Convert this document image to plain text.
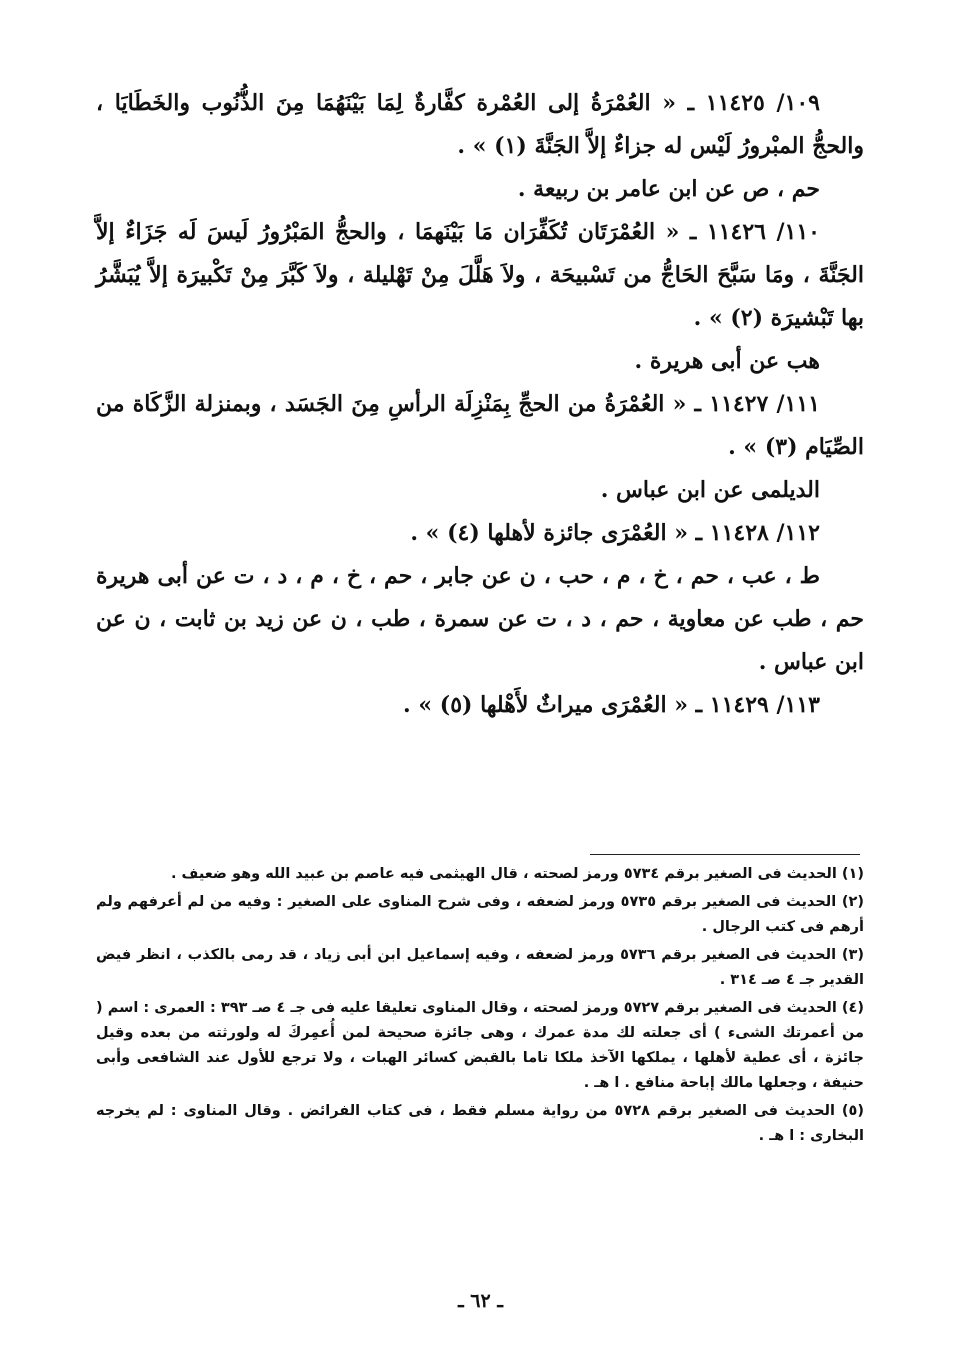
١٠٩/ ١١٤٢٥ ـ « العُمْرَةُ إلى العُمْرة كفَّارةٌ لِمَا بَيْنَهُمَا مِنَ الذُّنُوب والخَطَايَا ، والحجُّ المبْرورُ لَيْس له جزاءٌ إلاَّ الجَنَّةَ (١) » .

حم ، ص عن ابن عامر بن ربيعة .

١١٠/ ١١٤٢٦ ـ « العُمْرَتَان تُكَفِّرَان مَا بَيْنَهمَا ، والحجُّ المَبْرُورُ لَيسَ لَه جَزَاءٌ إلاَّ الجَنَّةَ ، ومَا سَبَّحَ الحَاجُّ من تَسْبيحَة ، ولاَ هَلَّلَ مِنْ تَهْليلة ، ولاَ كَبَّرَ مِنْ تَكْبيرَة إلاَّ يُبَشَّرُ بها تَبْشيرَة (٢) » .

هب عن أبى هريرة .

١١١/ ١١٤٢٧ ـ « العُمْرَةُ من الحجِّ بِمَنْزِلَة الرأسِ مِنَ الجَسَد ، وبمنزلة الزَّكَاة من الصِّيَام (٣) » .

الديلمى عن ابن عباس .

١١٢/ ١١٤٢٨ ـ « العُمْرَى جائزة لأهلها (٤) » .

ط ، عب ، حم ، خ ، م ، حب ، ن عن جابر ، حم ، خ ، م ، د ، ت عن أبى هريرة حم ، طب عن معاوية ، حم ، د ، ت عن سمرة ، طب ، ن عن زيد بن ثابت ، ن عن ابن عباس .

١١٣/ ١١٤٢٩ ـ « العُمْرَى ميراثٌ لأَهْلها (٥) » .

(١) الحديث فى الصغير برقم ٥٧٣٤ ورمز لصحته ، قال الهيثمى فيه عاصم بن عبيد الله وهو ضعيف .

(٢) الحديث فى الصغير برقم ٥٧٣٥ ورمز لضعفه ، وفى شرح المناوى على الصغير : وفيه من لم أعرفهم ولم أرهم فى كتب الرجال .

(٣) الحديث فى الصغير برقم ٥٧٣٦ ورمز لضعفه ، وفيه إسماعيل ابن أبى زياد ، قد رمى بالكذب ، انظر فيض القدير جـ ٤ صـ ٣١٤ .

(٤) الحديث فى الصغير برقم ٥٧٢٧ ورمز لصحته ، وقال المناوى تعليقا عليه فى جـ ٤ صـ ٣٩٣ : العمرى : اسم ( من أعمرتك الشىء ) أى جعلته لك مدة عمرك ، وهى جائزة صحيحة لمن أُعمِركَ له ولورثته من بعده وقيل جائزة ، أى عطية لأهلها ، يملكها الآخذ ملكا تاما بالقبض كسائر الهبات ، ولا ترجع للأول عند الشافعى وأبى حنيفة ، وجعلها مالك إباحة منافع . ا هـ .

(٥) الحديث فى الصغير برقم ٥٧٢٨ من رواية مسلم فقط ، فى كتاب الفرائض . وقال المناوى : لم يخرجه البخارى : ا هـ .

ـ ٦٢ ـ
